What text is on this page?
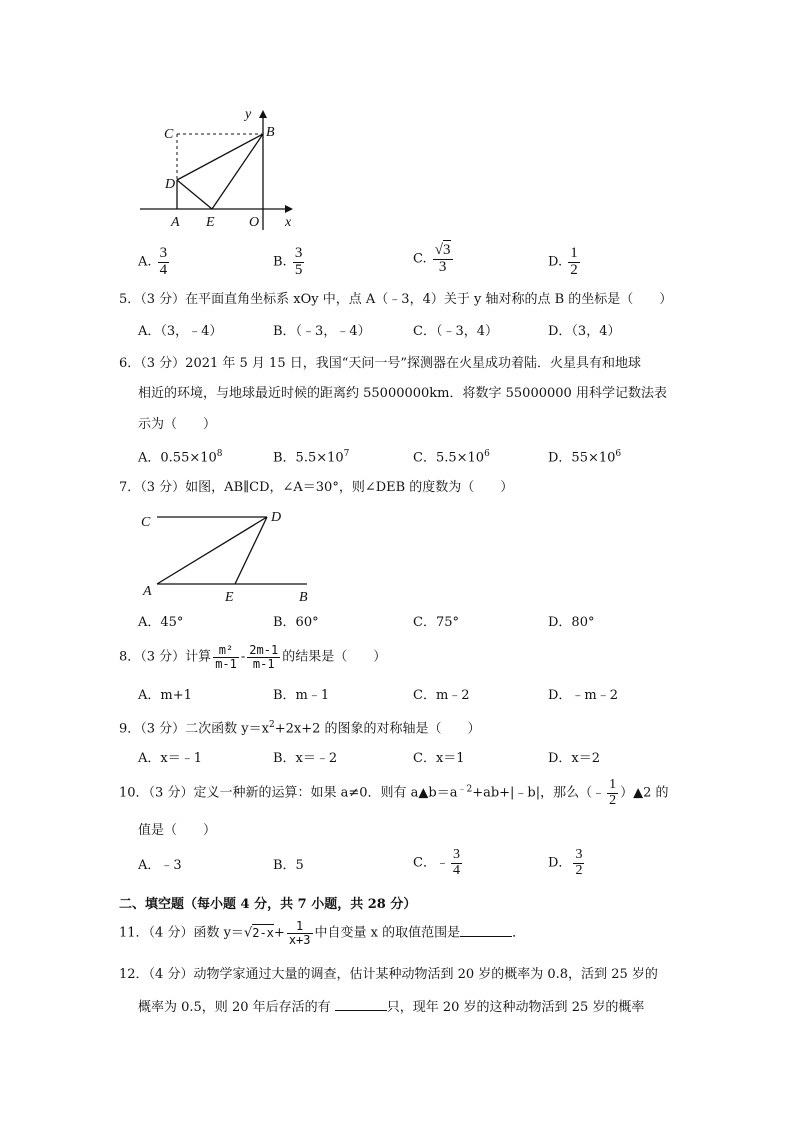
y
B
C
D
A E O x
A. $\frac{3}{4}$	B. $\frac{3}{5}$	C. $\frac{√3}{3}$	D. $\frac{1}{2}$
5．（3 分）在平面直角坐标系 xOy 中，点 A（﹣3，4）关于 y 轴对称的点 B 的坐标是（　　）
A．（3，﹣4）	B．（﹣3，﹣4）	C．（﹣3，4）	D．（3，4）
6．（3 分）2021 年 5 月 15 日，我国“天问一号”探测器在火星成功着陆．火星具有和地球
相近的环境，与地球最近时候的距离约 55000000km．将数字 55000000 用科学记数法表
示为（　　）
A．$0.55\times 10^8$	B．$5.5\times 10^7$	C．$5.5\times 10^6$	D．$55\times 10^6$
7．（3 分）如图，AB∥CD，∠A＝30°，则∠DEB 的度数为（　　）
C	D
A	E	B
A．45°	B．60°	C．75°	D．80°
8．（3 分）计算 $\frac{\text{m²}}{m-1} - \frac{2m-1}{m-1}$ 的结果是（　　）
A．m+1	B．m﹣1	C．m﹣2	D．﹣m﹣2
9．（3 分）二次函数 $y=x^2+2x+2$ 的图象的对称轴是（　　）
A．x＝﹣1	B．x＝﹣2	C．x＝1	D．x＝2
10．（3 分）定义一种新的运算：如果 a≠0．则有 $a▲b=a^{﹣2}+ab+|﹣b|$，那么（﹣ $\frac{1}{2}$ ）▲2 的
值是（　　）
A．﹣3	B．5	C．﹣ $\frac{3}{4}$	D． $\frac{3}{2}$
二、填空题（每小题 4 分，共 7 小题，共 28 分）
11．（4 分）函数 $y=√2-x+ \frac{1}{x+3}$ 中自变量 x 的取值范围是	．
12．（4 分）动物学家通过大量的调查，估计某种动物活到 20 岁的概率为 0.8，活到 25 岁的
概率为 0.5，则 20 年后存活的有	只，现年 20 岁的这种动物活到 25 岁的概率
